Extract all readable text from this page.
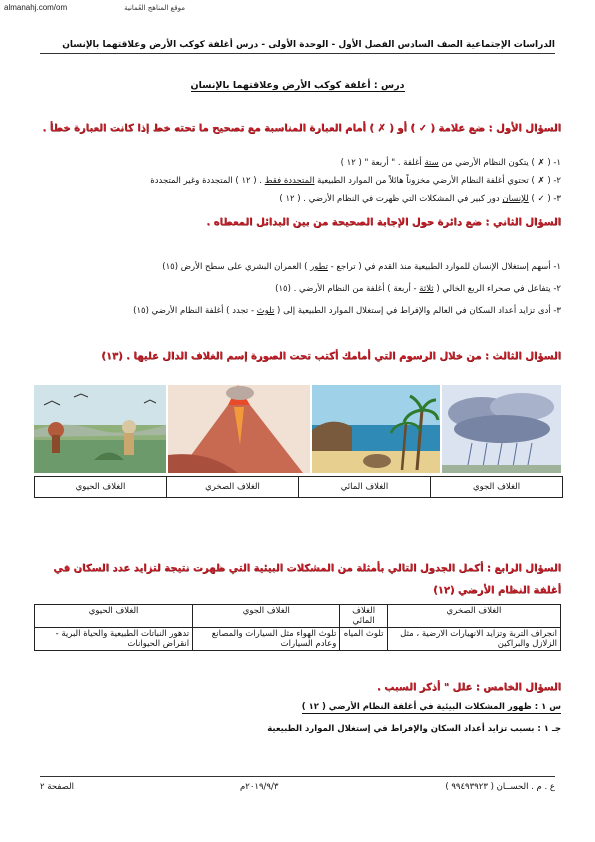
almanahj.com/om	موقع المناهج العُمانية
الدراسات الإجتماعية الصف السادس الفصل الأول - الوحدة الأولى - درس أغلفة كوكب الأرض وعلاقتهما بالإنسان
درس : أغلفة كوكب الأرض وعلاقتهما بالإنسان
السؤال الأول : ضع علامة ( ✓ ) أو ( ✗ ) أمام العبارة المناسبة مع تصحيح ما تحته خط إذا كانت العبارة خطأ .
١- ( ✗ ) يتكون النظام الأرضي من ستة أغلفة . " أربعة " ( ١٢ )
٢- ( ✗ ) تحتوي أغلفة النظام الأرضي مخزوناً هائلاً من الموارد الطبيعية المتجددة فقط . ( ١٢ ) المتجددة وغير المتجددة
٣- ( ✓ ) للإنسان دور كبير في المشكلات التي ظهرت في النظام الأرضي . ( ١٢ )
السؤال الثاني : ضع دائرة حول الإجابة الصحيحة من بين البدائل المعطاه .
١- أسهم إستغلال الإنسان للموارد الطبيعية منذ القدم في ( تراجع - تطور ) العمران البشري على سطح الأرض (١٥)
٢- يتفاعل في صحراء الربع الخالي ( ثلاثة - أربعة ) أغلفة من النظام الأرضي . (١٥)
٣- أدى تزايد أعداد السكان في العالم والإفراط في إستغلال الموارد الطبيعية إلى ( تلوث - تجدد ) أغلفة النظام الأرضي (١٥)
السؤال الثالث : من خلال الرسوم التي أمامك أكتب تحت الصورة إسم الغلاف الدال عليها . (١٣)
الغلاف الحيوي	الغلاف الصخري	الغلاف المائي	الغلاف الجوي
السؤال الرابع : أكمل الجدول التالي بأمثلة من المشكلات البيئية التي ظهرت نتيجة لتزايد عدد السكان في أغلفة النظام الأرضي (١٢)
الغلاف الصخري	الغلاف المائي	الغلاف الجوي	الغلاف الحيوي
انجراف التربة وتزايد الانهيارات الارضية ، مثل الزلازل والبراكين	تلوث المياه	تلوث الهواء مثل السيارات والمصانع وعادم السيارات	تدهور النباتات الطبيعية والحياة البرية - انقراض الحيوانات
السؤال الخامس : علل " أذكر السبب .
س ١ : ظهور المشكلات البيئية في أغلفة النظام الأرضي ( ١٢ )
جـ ١ : بسبب تزايد أعداد السكان والإفراط في إستغلال الموارد الطبيعية
ع . م . الحســان ( ٩٩٤٩٣٩٢٣ )
٢٠١٩/٩/٣م
الصفحة ٢
